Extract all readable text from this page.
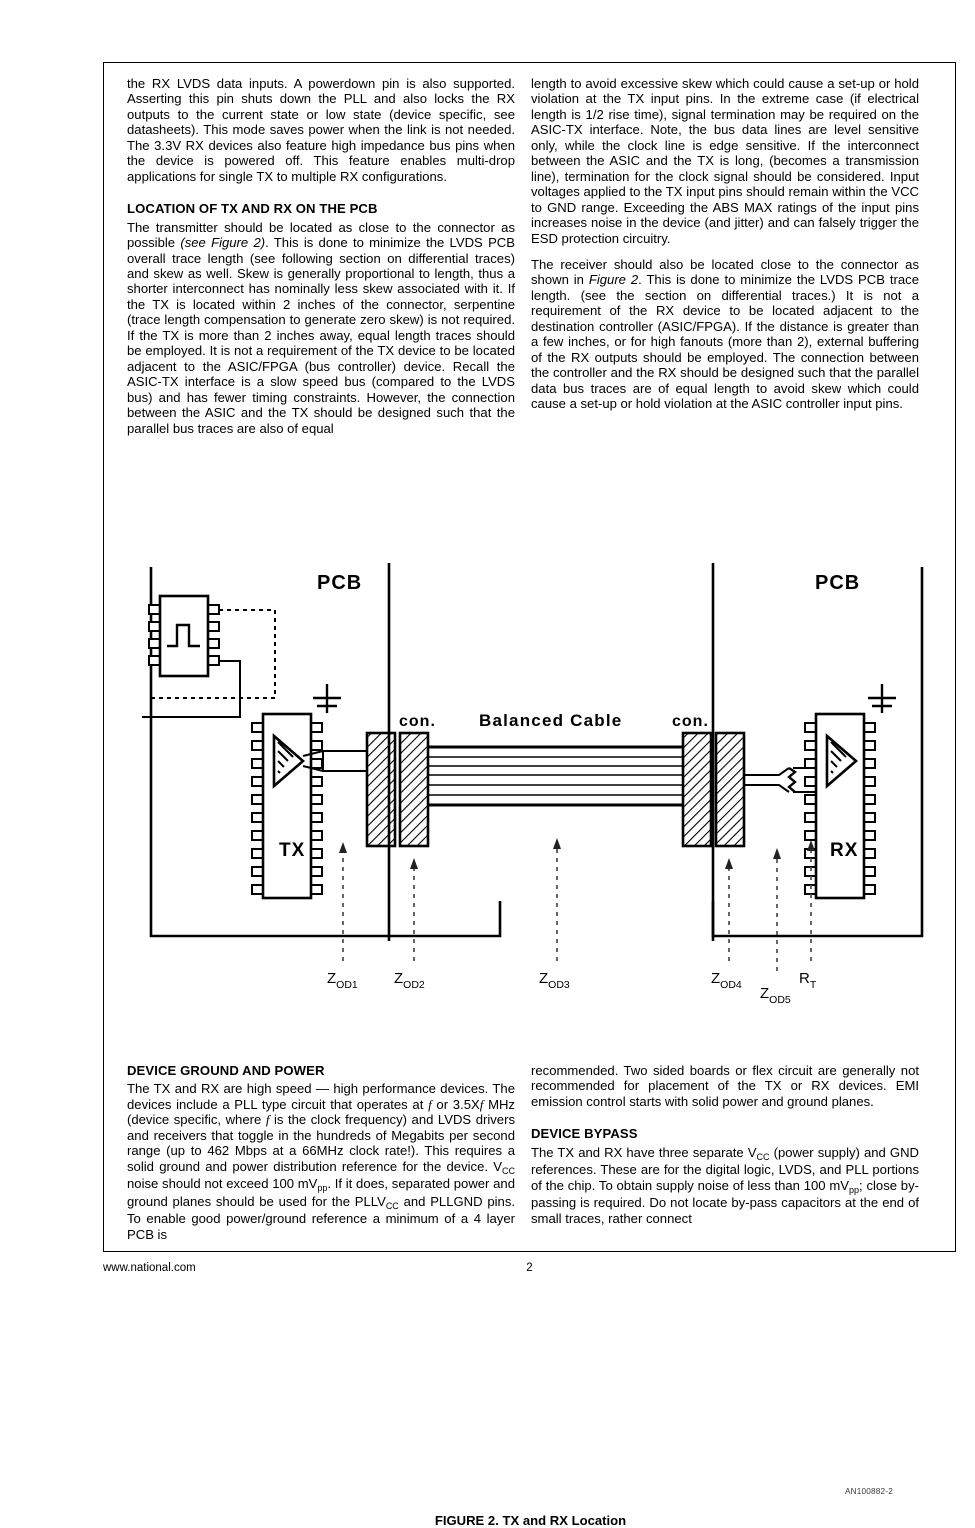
the RX LVDS data inputs. A powerdown pin is also supported. Asserting this pin shuts down the PLL and also locks the RX outputs to the current state or low state (device specific, see datasheets). This mode saves power when the link is not needed. The 3.3V RX devices also feature high impedance bus pins when the device is powered off. This feature enables multi-drop applications for single TX to multiple RX configurations.

LOCATION OF TX AND RX ON THE PCB

The transmitter should be located as close to the connector as possible (see Figure 2). This is done to minimize the LVDS PCB overall trace length (see following section on differential traces) and skew as well. Skew is generally proportional to length, thus a shorter interconnect has nominally less skew associated with it. If the TX is located within 2 inches of the connector, serpentine (trace length compensation to generate zero skew) is not required. If the TX is more than 2 inches away, equal length traces should be employed. It is not a requirement of the TX device to be located adjacent to the ASIC/FPGA (bus controller) device. Recall the ASIC-TX interface is a slow speed bus (compared to the LVDS bus) and has fewer timing constraints. However, the connection between the ASIC and the TX should be designed such that the parallel bus traces are also of equal

length to avoid excessive skew which could cause a set-up or hold violation at the TX input pins. In the extreme case (if electrical length is 1/2 rise time), signal termination may be required on the ASIC-TX interface. Note, the bus data lines are level sensitive only, while the clock line is edge sensitive. If the interconnect between the ASIC and the TX is long, (becomes a transmission line), termination for the clock signal should be considered. Input voltages applied to the TX input pins should remain within the VCC to GND range. Exceeding the ABS MAX ratings of the input pins increases noise in the device (and jitter) and can falsely trigger the ESD protection circuitry.

The receiver should also be located close to the connector as shown in Figure 2. This is done to minimize the LVDS PCB trace length. (see the section on differential traces.) It is not a requirement of the RX device to be located adjacent to the destination controller (ASIC/FPGA). If the distance is greater than a few inches, or for high fanouts (more than 2), external buffering of the RX outputs should be employed. The connection between the controller and the RX should be designed such that the parallel data bus traces are of equal length to avoid skew which could cause a set-up or hold violation at the ASIC controller input pins.

PCB	PCB
TX
con.	Balanced Cable	con.
RX
$Z_{OD1}$ $Z_{OD2}$	$Z_{OD3}$	$Z_{OD4}$ $Z_{OD5}$
$R_T$
AN100882-2
FIGURE 2. TX and RX Location
DEVICE GROUND AND POWER

The TX and RX are high speed — high performance devices. The devices include a PLL type circuit that operates at f or 3.5Xf MHz (device specific, where f is the clock frequency) and LVDS drivers and receivers that toggle in the hundreds of Megabits per second range (up to 462 Mbps at a 66MHz clock rate!). This requires a solid ground and power distribution reference for the device. $V_{CC}$ noise should not exceed 100 $mV_{pp}$. If it does, separated power and ground planes should be used for the $PLLV_{CC}$ and PLLGND pins. To enable good power/ground reference a minimum of a 4 layer PCB is

recommended. Two sided boards or flex circuit are generally not recommended for placement of the TX or RX devices. EMI emission control starts with solid power and ground planes.

DEVICE BYPASS

The TX and RX have three separate $V_{CC}$ (power supply) and GND references. These are for the digital logic, LVDS, and PLL portions of the chip. To obtain supply noise of less than 100 $mV_{pp}$; close by-passing is required. Do not locate by-pass capacitors at the end of small traces, rather connect

www.national.com	2
